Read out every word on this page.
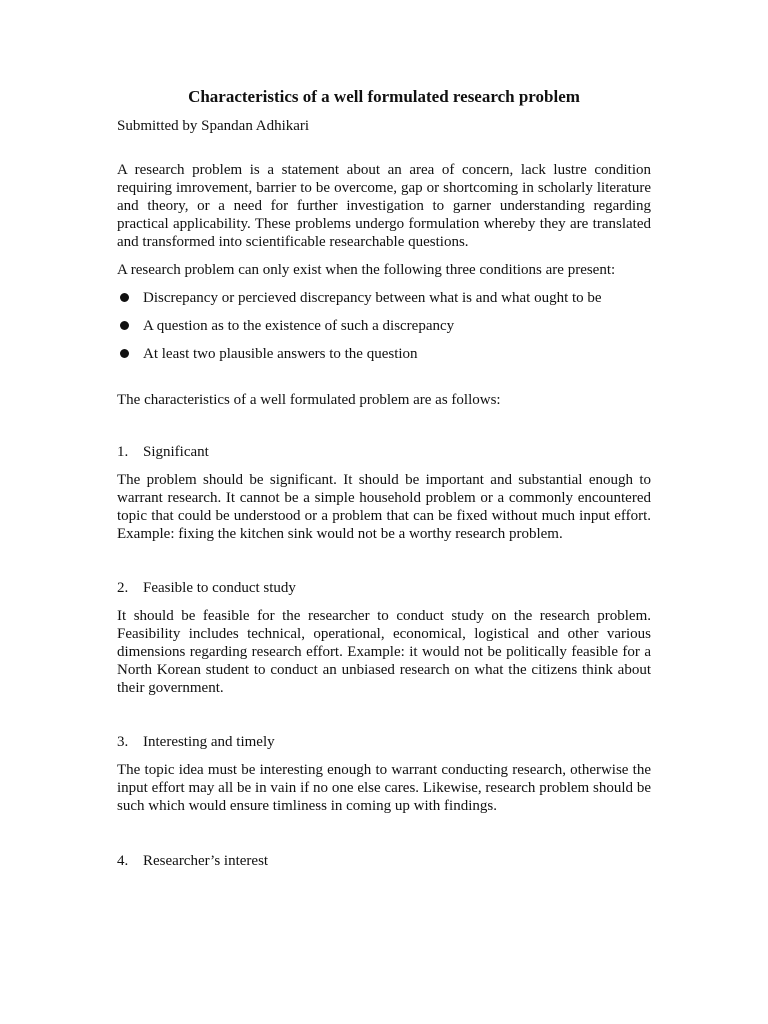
Characteristics of a well formulated research problem

Submitted by Spandan Adhikari

A research problem is a statement about an area of concern, lack lustre condition requiring imrovement, barrier to be overcome, gap or shortcoming in scholarly literature and theory, or a need for further investigation to garner understanding regarding practical applicability. These problems undergo formulation whereby they are translated and transformed into scientificable researchable questions.

A research problem can only exist when the following three conditions are present:

Discrepancy or percieved discrepancy between what is and what ought to be
A question as to the existence of such a discrepancy
At least two plausible answers to the question

The characteristics of a well formulated problem are as follows:

1. Significant

The problem should be significant. It should be important and substantial enough to warrant research. It cannot be a simple household problem or a commonly encountered topic that could be understood or a problem that can be fixed without much input effort. Example: fixing the kitchen sink would not be a worthy research problem.

2. Feasible to conduct study

It should be feasible for the researcher to conduct study on the research problem. Feasibility includes technical, operational, economical, logistical and other various dimensions regarding research effort. Example: it would not be politically feasible for a North Korean student to conduct an unbiased research on what the citizens think about their government.

3. Interesting and timely

The topic idea must be interesting enough to warrant conducting research, otherwise the input effort may all be in vain if no one else cares. Likewise, research problem should be such which would ensure timliness in coming up with findings.

4. Researcher’s interest
